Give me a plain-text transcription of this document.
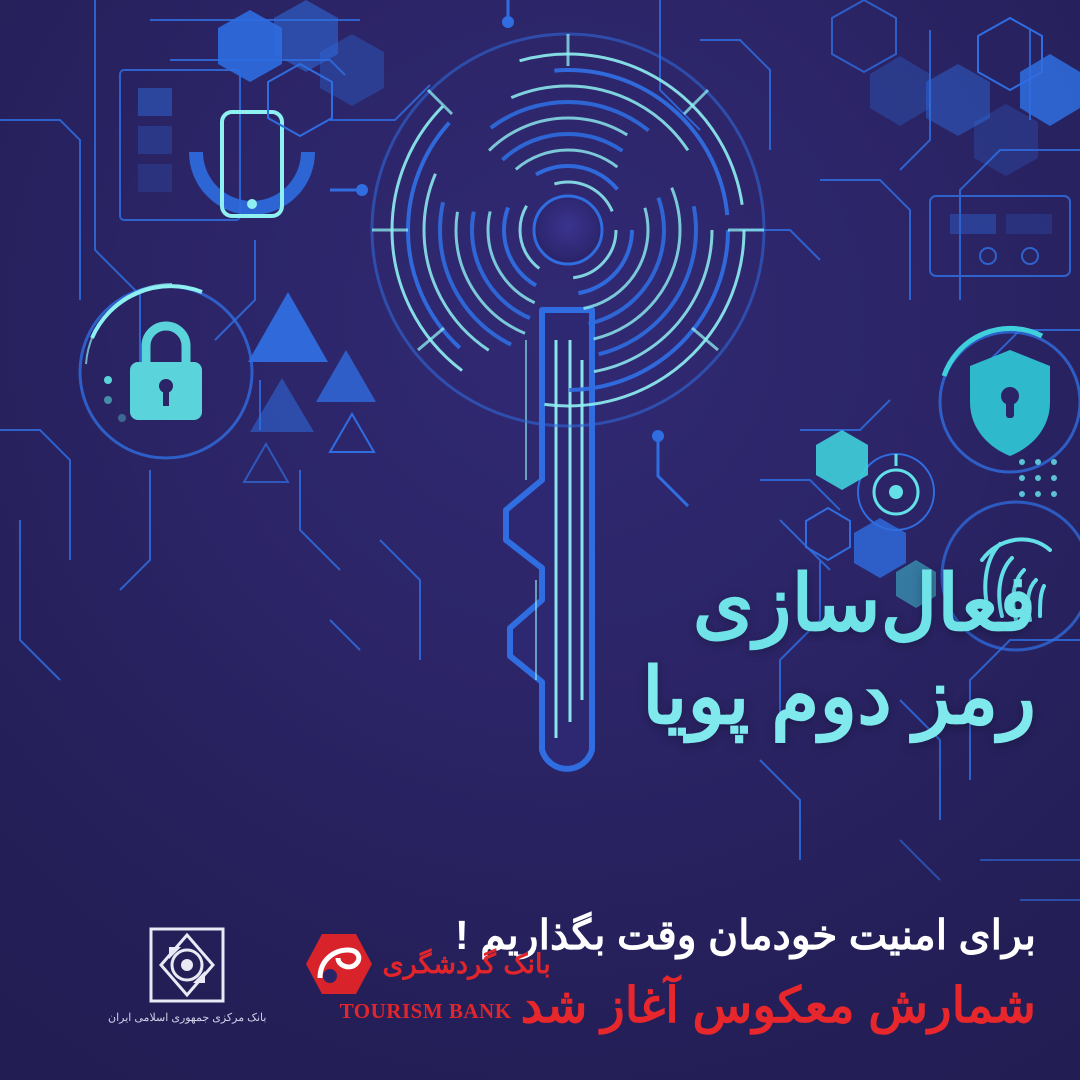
فعال‌سازی
رمز دوم پویا
برای امنیت خودمان وقت بگذاریم !
شمارش معکوس آغاز شد
بانک گردشگری
TOURISM BANK
بانک مرکزی جمهوری اسلامی ایران
